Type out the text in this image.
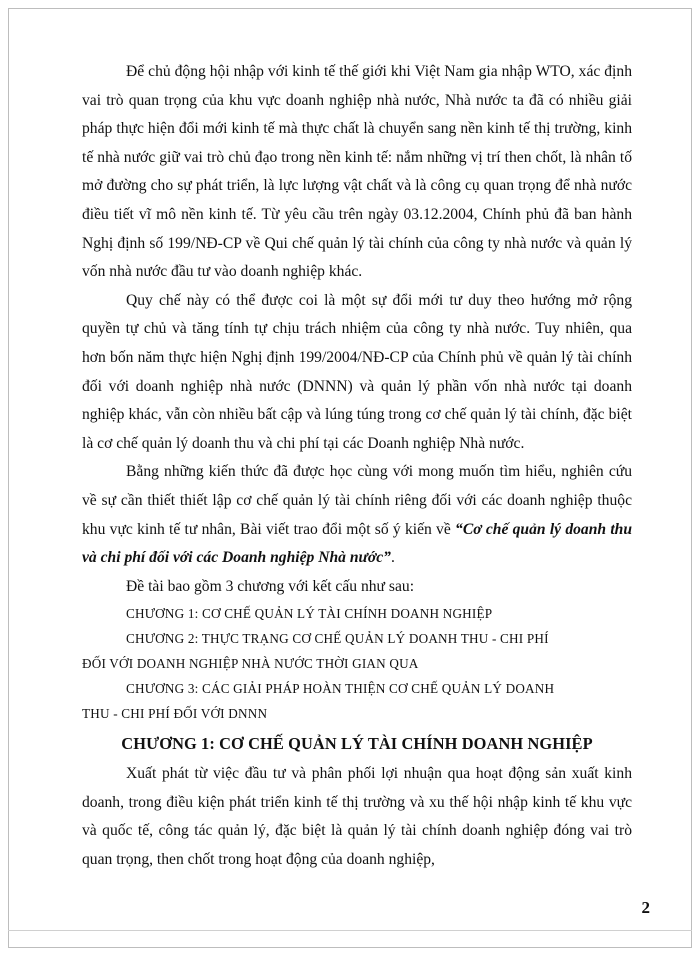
Để chủ động hội nhập với kinh tế thế giới khi Việt Nam gia nhập WTO, xác định vai trò quan trọng của khu vực doanh nghiệp nhà nước, Nhà nước ta đã có nhiều giải pháp thực hiện đổi mới kinh tế mà thực chất là chuyển sang nền kinh tế thị trường, kinh tế nhà nước giữ vai trò chủ đạo trong nền kinh tế: nắm những vị trí then chốt, là nhân tố mở đường cho sự phát triển, là lực lượng vật chất và là công cụ quan trọng để nhà nước điều tiết vĩ mô nền kinh tế. Từ yêu cầu trên ngày 03.12.2004, Chính phủ đã ban hành Nghị định số 199/NĐ-CP về Qui chế quản lý tài chính của công ty nhà nước và quản lý vốn nhà nước đầu tư vào doanh nghiệp khác.

Quy chế này có thể được coi là một sự đổi mới tư duy theo hướng mở rộng quyền tự chủ và tăng tính tự chịu trách nhiệm của công ty nhà nước. Tuy nhiên, qua hơn bốn năm thực hiện Nghị định 199/2004/NĐ-CP của Chính phủ về quản lý tài chính đối với doanh nghiệp nhà nước (DNNN) và quản lý phần vốn nhà nước tại doanh nghiệp khác, vẫn còn nhiều bất cập và lúng túng trong cơ chế quản lý tài chính, đặc biệt là cơ chế quản lý doanh thu và chi phí tại các Doanh nghiệp Nhà nước.

Bằng những kiến thức đã được học cùng với mong muốn tìm hiểu, nghiên cứu về sự cần thiết thiết lập cơ chế quản lý tài chính riêng đối với các doanh nghiệp thuộc khu vực kinh tế tư nhân, Bài viết trao đổi một số ý kiến về “Cơ chế quản lý doanh thu và chi phí đối với các Doanh nghiệp Nhà nước”.

Đề tài bao gồm 3 chương với kết cấu như sau:

CHƯƠNG 1: CƠ CHẾ QUẢN LÝ TÀI CHÍNH DOANH NGHIỆP

CHƯƠNG 2: THỰC TRẠNG CƠ CHẾ QUẢN LÝ DOANH THU - CHI PHÍ

ĐỐI VỚI DOANH NGHIỆP NHÀ NƯỚC THỜI GIAN QUA

CHƯƠNG 3: CÁC GIẢI PHÁP HOÀN THIỆN CƠ CHẾ QUẢN LÝ DOANH

THU - CHI PHÍ ĐỐI VỚI DNNN

CHƯƠNG 1: CƠ CHẾ QUẢN LÝ TÀI CHÍNH DOANH NGHIỆP

Xuất phát từ việc đầu tư và phân phối lợi nhuận qua hoạt động sản xuất kinh doanh, trong điều kiện phát triển kinh tế thị trường và xu thế hội nhập kinh tế khu vực và quốc tế, công tác quản lý, đặc biệt là quản lý tài chính doanh nghiệp đóng vai trò quan trọng, then chốt trong hoạt động của doanh nghiệp,

2
